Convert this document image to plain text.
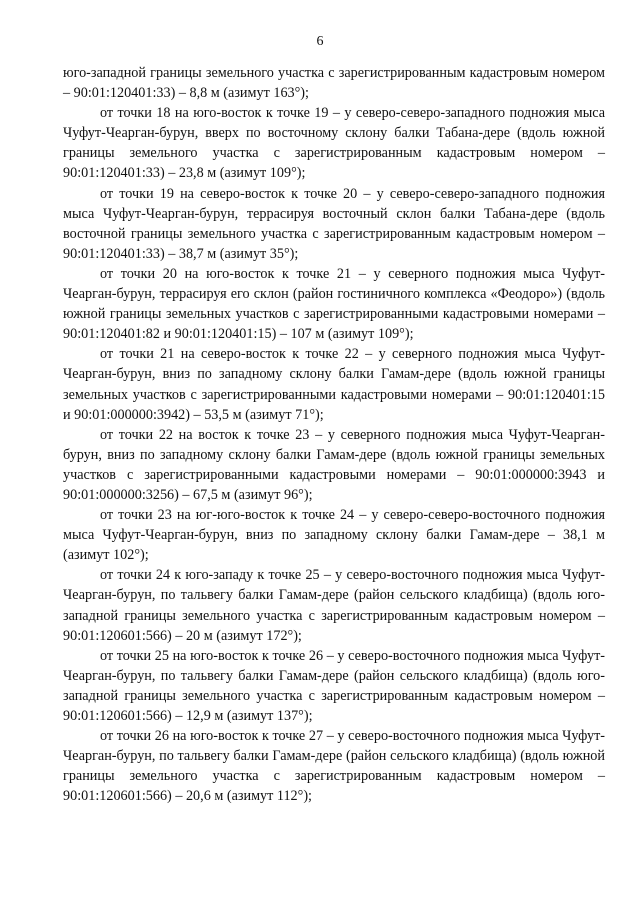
6

юго-западной границы земельного участка с зарегистрированным кадастровым номером – 90:01:120401:33) – 8,8 м (азимут 163°);

от точки 18 на юго-восток к точке 19 – у северо-северо-западного подножия мыса Чуфут-Чеарган-бурун, вверх по восточному склону балки Табана-дере (вдоль южной границы земельного участка с зарегистрированным кадастровым номером – 90:01:120401:33) – 23,8 м (азимут 109°);

от точки 19 на северо-восток к точке 20 – у северо-северо-западного подножия мыса Чуфут-Чеарган-бурун, террасируя восточный склон балки Табана-дере (вдоль восточной границы земельного участка с зарегистрированным кадастровым номером – 90:01:120401:33) – 38,7 м (азимут 35°);

от точки 20 на юго-восток к точке 21 – у северного подножия мыса Чуфут-Чеарган-бурун, террасируя его склон (район гостиничного комплекса «Феодоро») (вдоль южной границы земельных участков с зарегистрированными кадастровыми номерами – 90:01:120401:82 и 90:01:120401:15) – 107 м (азимут 109°);

от точки 21 на северо-восток к точке 22 – у северного подножия мыса Чуфут-Чеарган-бурун, вниз по западному склону балки Гамам-дере (вдоль южной границы земельных участков с зарегистрированными кадастровыми номерами – 90:01:120401:15 и 90:01:000000:3942) – 53,5 м (азимут 71°);

от точки 22 на восток к точке 23 – у северного подножия мыса Чуфут-Чеарган-бурун, вниз по западному склону балки Гамам-дере (вдоль южной границы земельных участков с зарегистрированными кадастровыми номерами – 90:01:000000:3943 и 90:01:000000:3256) – 67,5 м (азимут 96°);

от точки 23 на юг-юго-восток к точке 24 – у северо-северо-восточного подножия мыса Чуфут-Чеарган-бурун, вниз по западному склону балки Гамам-дере – 38,1 м (азимут 102°);

от точки 24 к юго-западу к точке 25 – у северо-восточного подножия мыса Чуфут-Чеарган-бурун, по тальвегу балки Гамам-дере (район сельского кладбища) (вдоль юго-западной границы земельного участка с зарегистрированным кадастровым номером – 90:01:120601:566) – 20 м (азимут 172°);

от точки 25 на юго-восток к точке 26 – у северо-восточного подножия мыса Чуфут-Чеарган-бурун, по тальвегу балки Гамам-дере (район сельского кладбища) (вдоль юго-западной границы земельного участка с зарегистрированным кадастровым номером – 90:01:120601:566) – 12,9 м (азимут 137°);

от точки 26 на юго-восток к точке 27 – у северо-восточного подножия мыса Чуфут-Чеарган-бурун, по тальвегу балки Гамам-дере (район сельского кладбища) (вдоль южной границы земельного участка с зарегистрированным кадастровым номером – 90:01:120601:566) – 20,6 м (азимут 112°);
